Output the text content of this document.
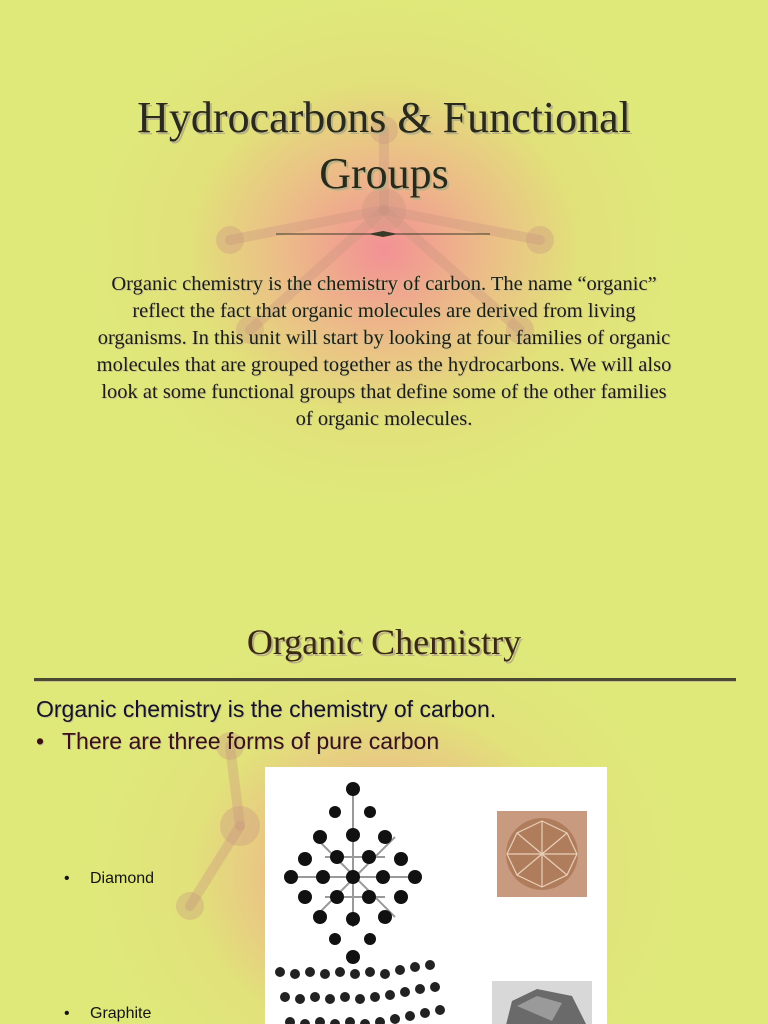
Hydrocarbons & Functional Groups
Organic chemistry is the chemistry of carbon. The name “organic” reflect the fact that organic molecules are derived from living organisms. In this unit will start by looking at four families of organic molecules that are grouped together as the hydrocarbons. We will also look at some functional groups that define some of the other families of organic molecules.
Organic Chemistry
Organic chemistry is the chemistry of carbon.
• There are three forms of pure carbon
• Diamond
• Graphite
